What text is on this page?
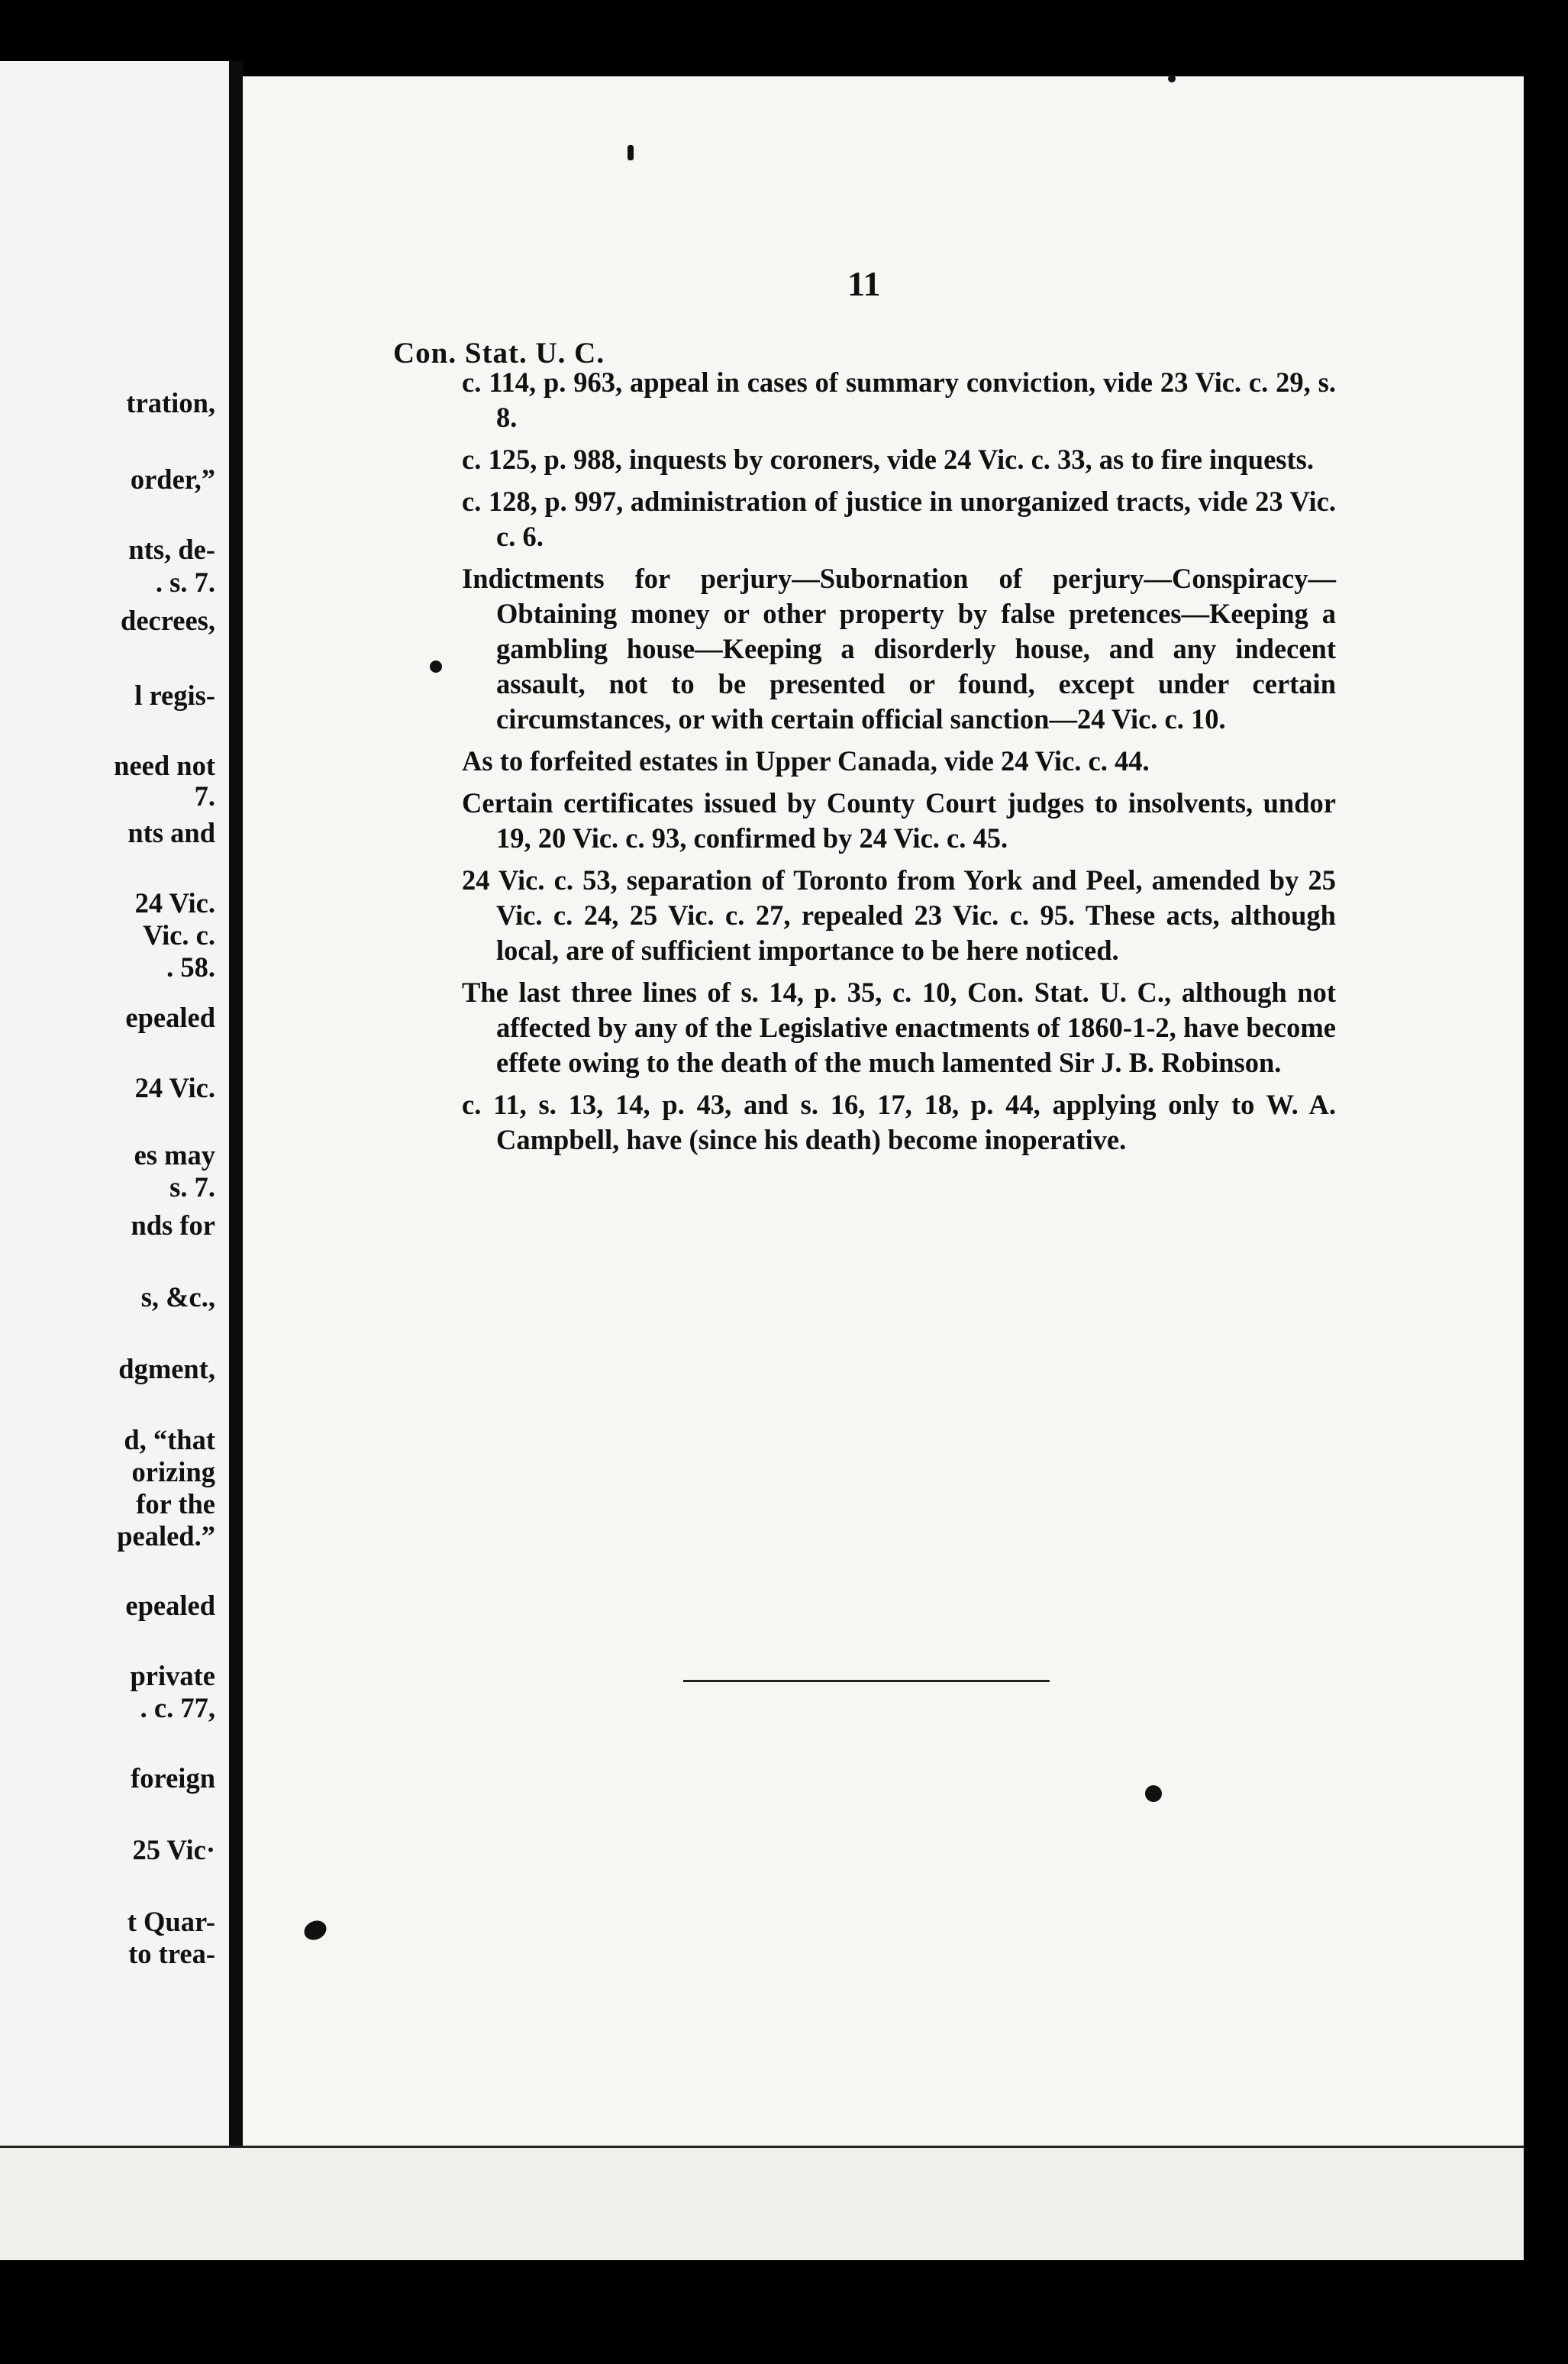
tration,
order,”
nts, de-
. s. 7.
decrees,
l regis-
need not
7.
nts and
24 Vic.
Vic. c.
. 58.
epealed
24 Vic.
es may
s. 7.
nds for
s, &c.,
dgment,
d, “that
orizing
for the
pealed.”
epealed
private
. c. 77,
foreign
25 Vic·
t Quar-
to trea-
11
Con. Stat. U. C.

c. 114, p. 963, appeal in cases of summary conviction, vide 23 Vic. c. 29, s. 8.

c. 125, p. 988, inquests by coroners, vide 24 Vic. c. 33, as to fire inquests.

c. 128, p. 997, administration of justice in unorganized tracts, vide 23 Vic. c. 6.

Indictments for perjury—Subornation of perjury—Conspiracy—Obtaining money or other property by false pretences—Keeping a gambling house—Keeping a disorderly house, and any indecent assault, not to be presented or found, except under certain circumstances, or with certain official sanction—24 Vic. c. 10.

As to forfeited estates in Upper Canada, vide 24 Vic. c. 44.

Certain certificates issued by County Court judges to insolvents, undor 19, 20 Vic. c. 93, confirmed by 24 Vic. c. 45.

24 Vic. c. 53, separation of Toronto from York and Peel, amended by 25 Vic. c. 24, 25 Vic. c. 27, repealed 23 Vic. c. 95. These acts, although local, are of sufficient importance to be here noticed.

The last three lines of s. 14, p. 35, c. 10, Con. Stat. U. C., although not affected by any of the Legislative enactments of 1860-1-2, have become effete owing to the death of the much lamented Sir J. B. Robinson.

c. 11, s. 13, 14, p. 43, and s. 16, 17, 18, p. 44, applying only to W. A. Campbell, have (since his death) become inoperative.
